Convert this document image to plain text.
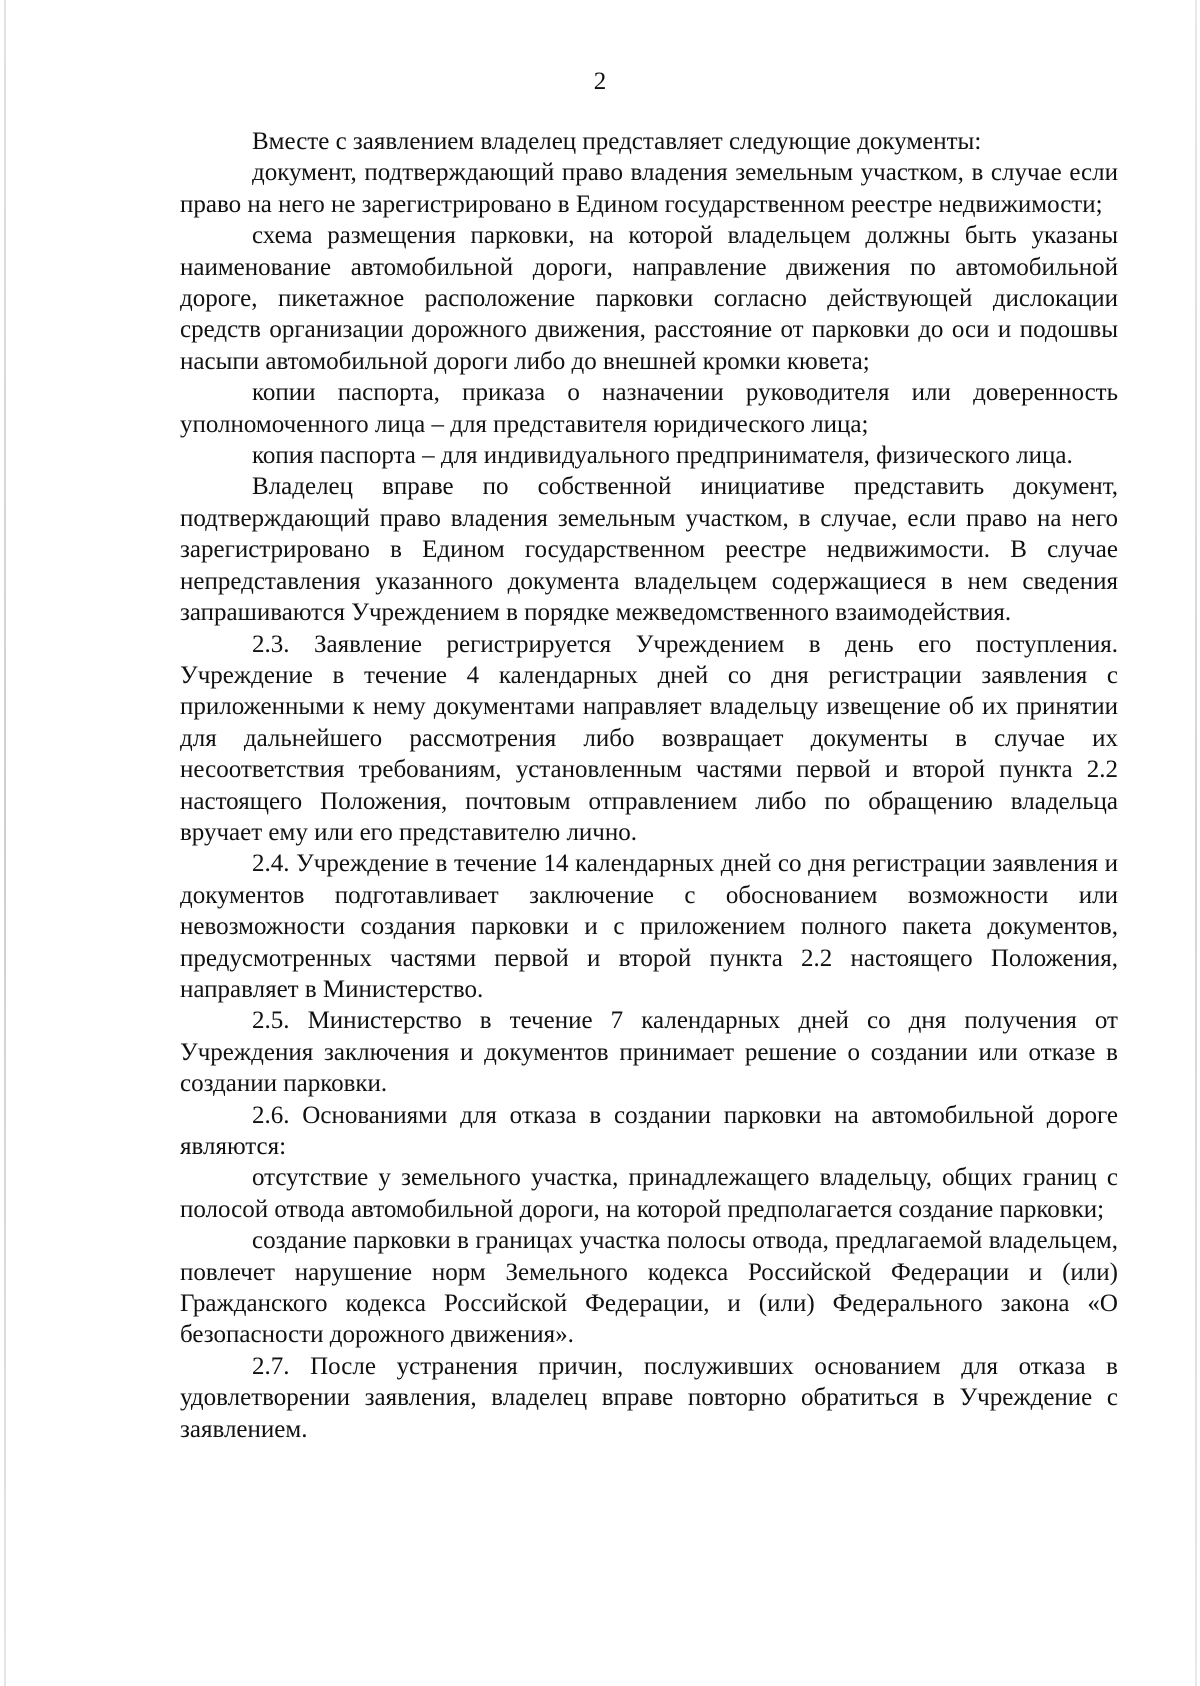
2

Вместе с заявлением владелец представляет следующие документы:

документ, подтверждающий право владения земельным участком, в случае если право на него не зарегистрировано в Едином государственном реестре недвижимости;

схема размещения парковки, на которой владельцем должны быть указаны наименование автомобильной дороги, направление движения по автомобильной дороге, пикетажное расположение парковки согласно действующей дислокации средств организации дорожного движения, расстояние от парковки до оси и подошвы насыпи автомобильной дороги либо до внешней кромки кювета;

копии паспорта, приказа о назначении руководителя или доверенность уполномоченного лица – для представителя юридического лица;

копия паспорта – для индивидуального предпринимателя, физического лица.

Владелец вправе по собственной инициативе представить документ, подтверждающий право владения земельным участком, в случае, если право на него зарегистрировано в Едином государственном реестре недвижимости. В случае непредставления указанного документа владельцем содержащиеся в нем сведения запрашиваются Учреждением в порядке межведомственного взаимодействия.

2.3. Заявление регистрируется Учреждением в день его поступления. Учреждение в течение 4 календарных дней со дня регистрации заявления с приложенными к нему документами направляет владельцу извещение об их принятии для дальнейшего рассмотрения либо возвращает документы в случае их несоответствия требованиям, установленным частями первой и второй пункта 2.2 настоящего Положения, почтовым отправлением либо по обращению владельца вручает ему или его представителю лично.

2.4. Учреждение в течение 14 календарных дней со дня регистрации заявления и документов подготавливает заключение с обоснованием возможности или невозможности создания парковки и с приложением полного пакета документов, предусмотренных частями первой и второй пункта 2.2 настоящего Положения, направляет в Министерство.

2.5. Министерство в течение 7 календарных дней со дня получения от Учреждения заключения и документов принимает решение о создании или отказе в создании парковки.

2.6. Основаниями для отказа в создании парковки на автомобильной дороге являются:

отсутствие у земельного участка, принадлежащего владельцу, общих границ с полосой отвода автомобильной дороги, на которой предполагается создание парковки;

создание парковки в границах участка полосы отвода, предлагаемой владельцем, повлечет нарушение норм Земельного кодекса Российской Федерации и (или) Гражданского кодекса Российской Федерации, и (или) Федерального закона «О безопасности дорожного движения».

2.7. После устранения причин, послуживших основанием для отказа в удовлетворении заявления, владелец вправе повторно обратиться в Учреждение с заявлением.
